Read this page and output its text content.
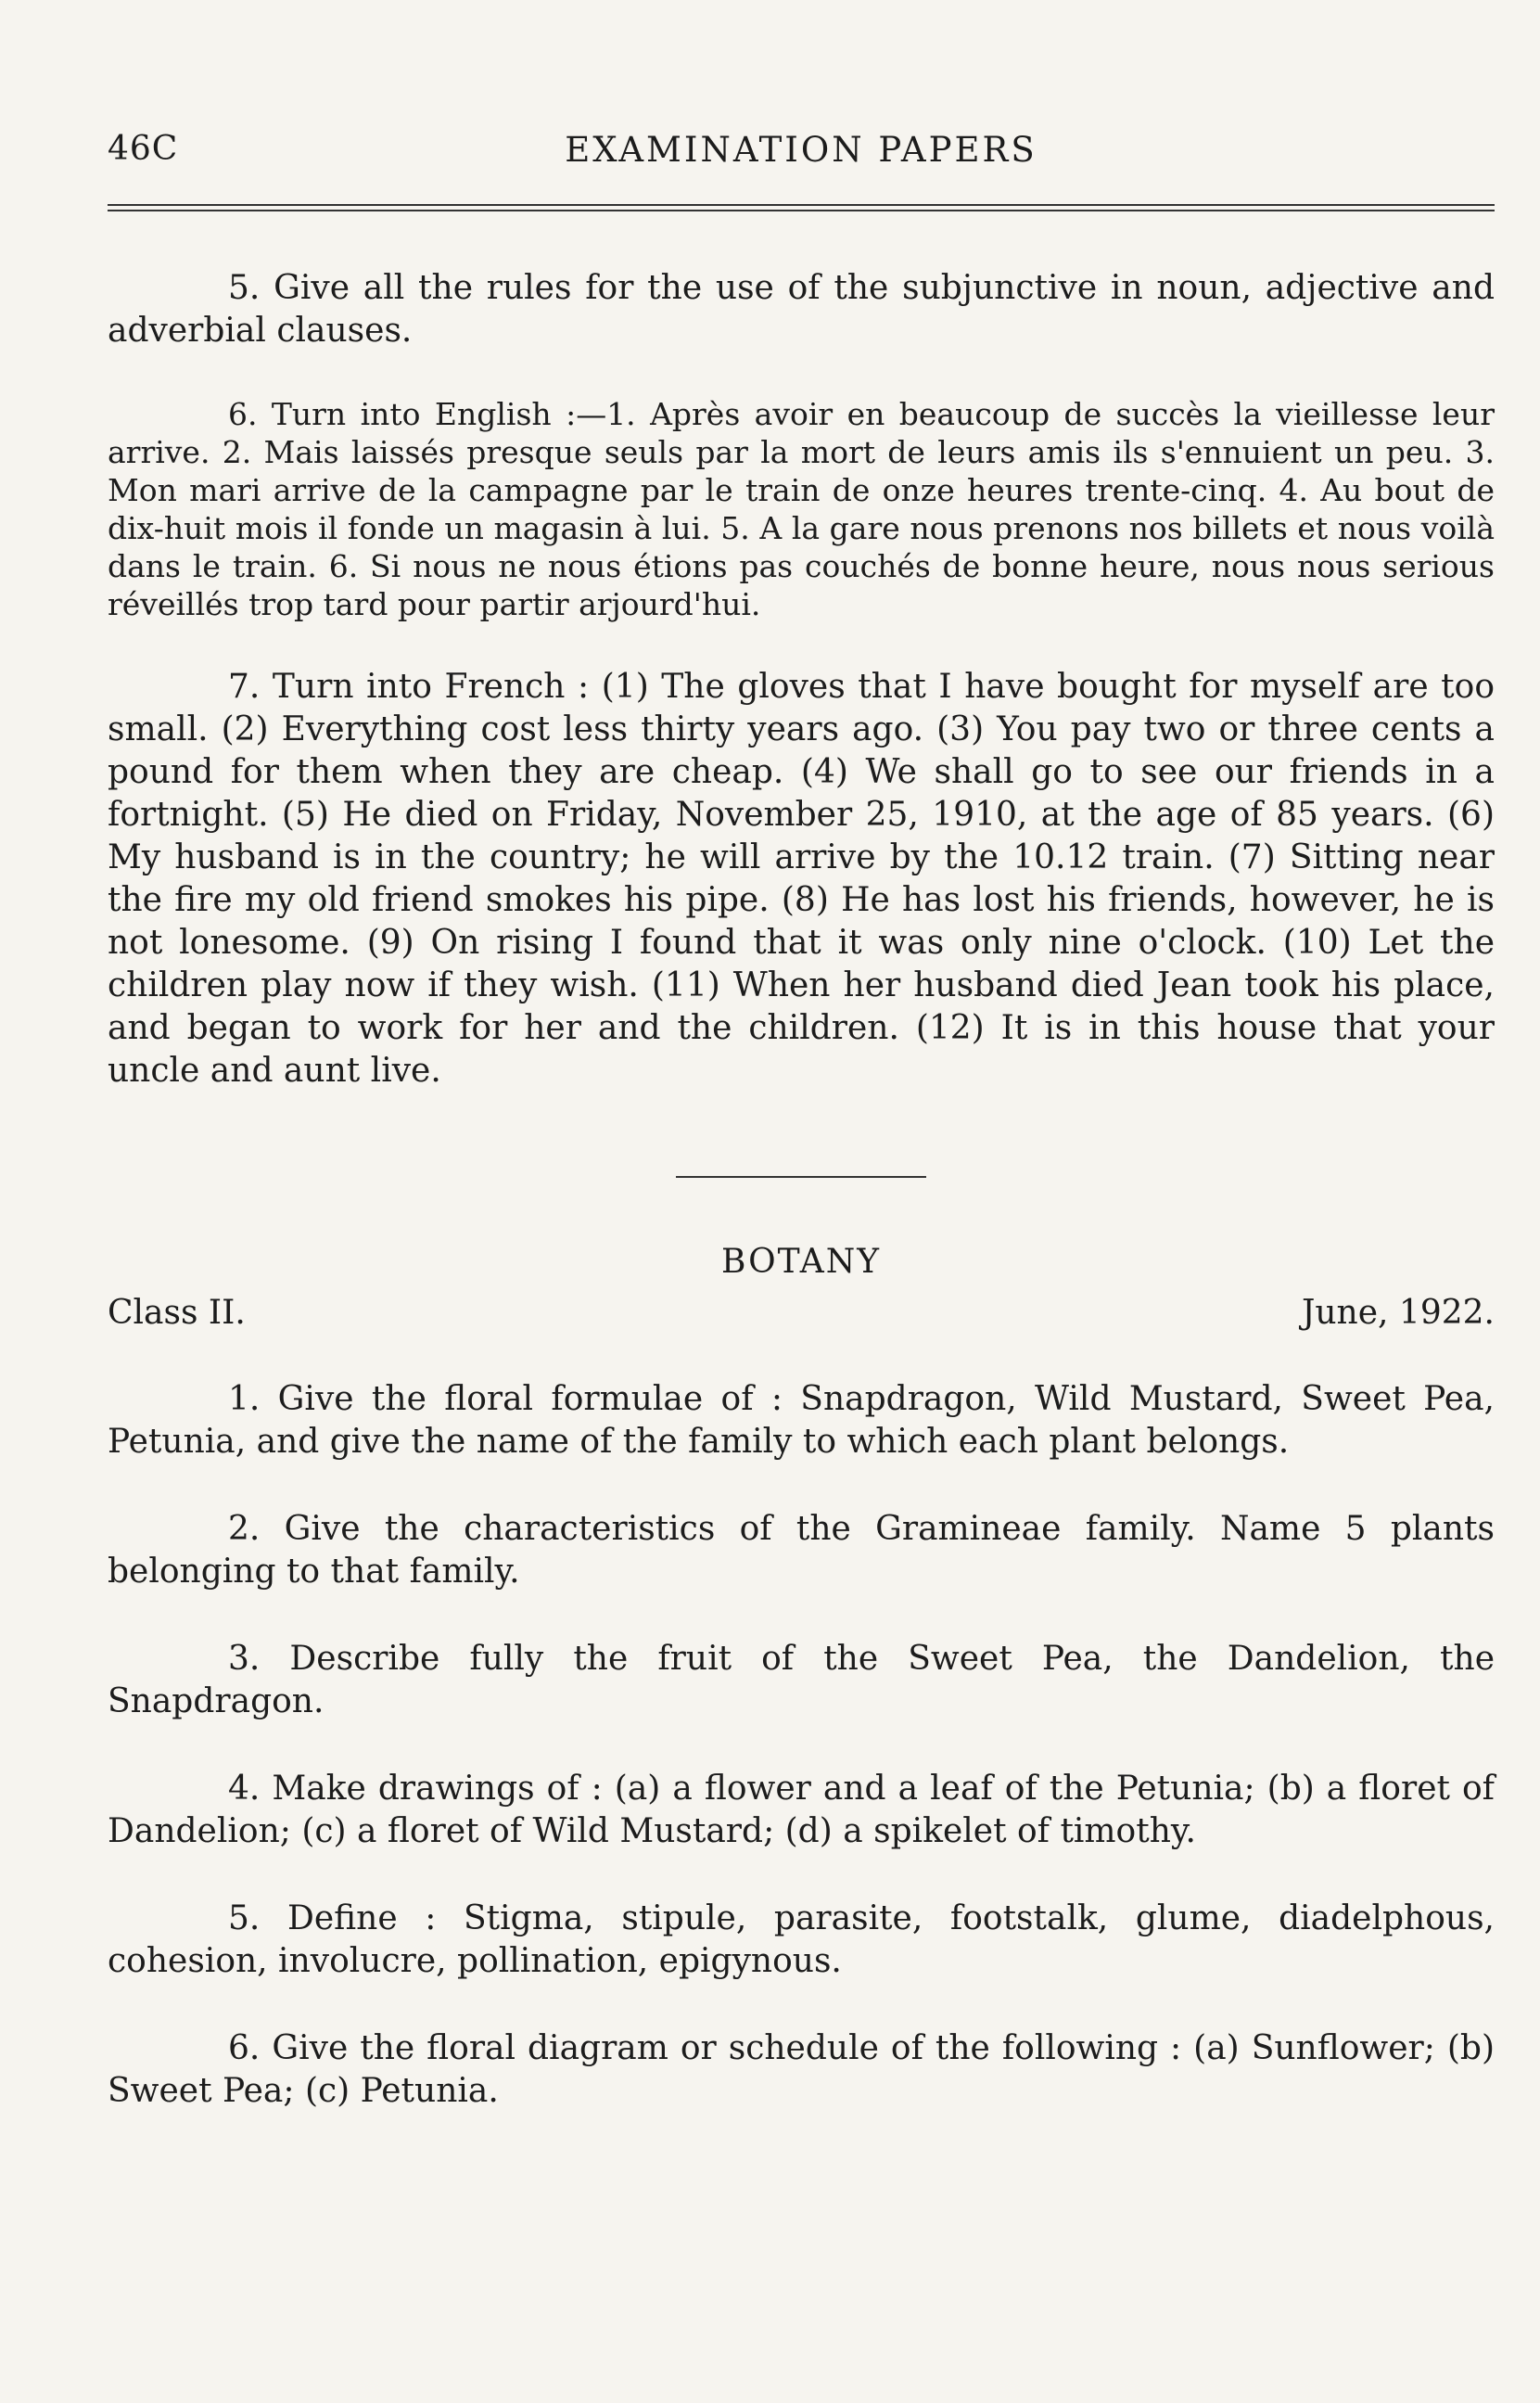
46C	EXAMINATION PAPERS

5. Give all the rules for the use of the subjunctive in noun, adjective and adverbial clauses.

6. Turn into English :—1. Après avoir en beaucoup de succès la vieillesse leur arrive. 2. Mais laissés presque seuls par la mort de leurs amis ils s'ennuient un peu. 3. Mon mari arrive de la campagne par le train de onze heures trente-cinq. 4. Au bout de dix-huit mois il fonde un magasin à lui. 5. A la gare nous prenons nos billets et nous voilà dans le train. 6. Si nous ne nous étions pas couchés de bonne heure, nous nous serious réveillés trop tard pour partir arjourd'hui.

7. Turn into French : (1) The gloves that I have bought for myself are too small. (2) Everything cost less thirty years ago. (3) You pay two or three cents a pound for them when they are cheap. (4) We shall go to see our friends in a fortnight. (5) He died on Friday, November 25, 1910, at the age of 85 years. (6) My husband is in the country; he will arrive by the 10.12 train. (7) Sitting near the fire my old friend smokes his pipe. (8) He has lost his friends, however, he is not lonesome. (9) On rising I found that it was only nine o'clock. (10) Let the children play now if they wish. (11) When her husband died Jean took his place, and began to work for her and the children. (12) It is in this house that your uncle and aunt live.

BOTANY
Class II.	June, 1922.

1. Give the floral formulae of : Snapdragon, Wild Mustard, Sweet Pea, Petunia, and give the name of the family to which each plant belongs.

2. Give the characteristics of the Gramineae family. Name 5 plants belonging to that family.

3. Describe fully the fruit of the Sweet Pea, the Dandelion, the Snapdragon.

4. Make drawings of : (a) a flower and a leaf of the Petunia; (b) a floret of Dandelion; (c) a floret of Wild Mustard; (d) a spikelet of timothy.

5. Define : Stigma, stipule, parasite, footstalk, glume, diadelphous, cohesion, involucre, pollination, epigynous.

6. Give the floral diagram or schedule of the following : (a) Sunflower; (b) Sweet Pea; (c) Petunia.
